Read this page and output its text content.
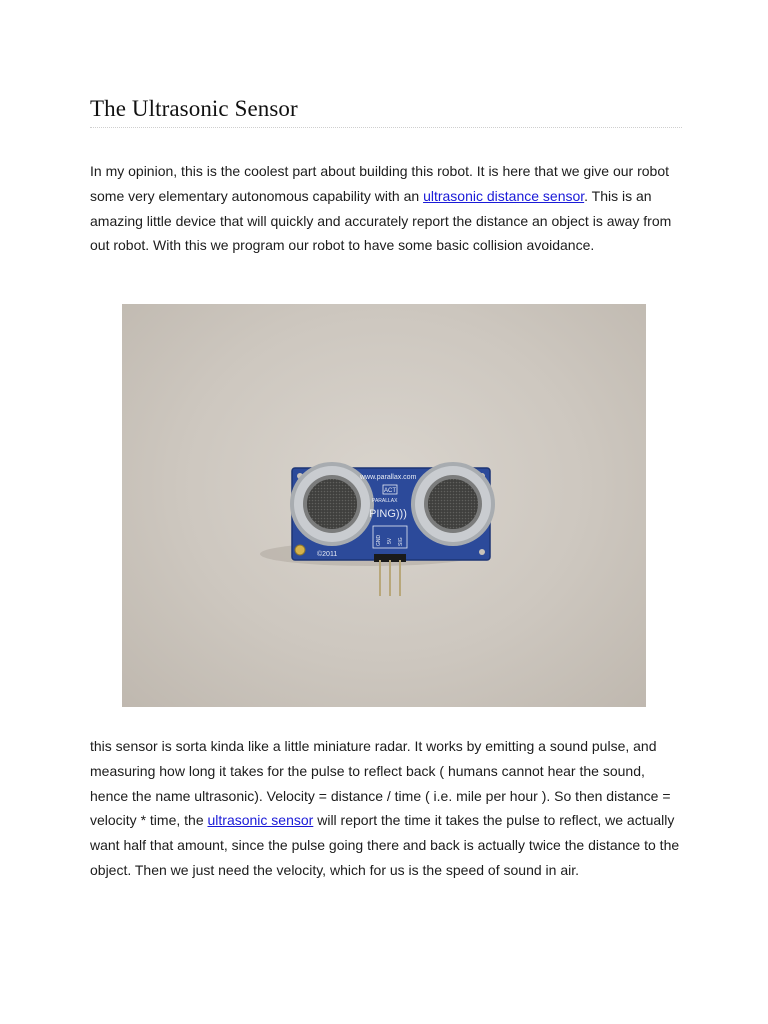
The Ultrasonic Sensor

In my opinion, this is the coolest part about building this robot. It is here that we give our robot some very elementary autonomous capability with an ultrasonic distance sensor. This is an amazing little device that will quickly and accurately report the distance an object is away from out robot. With this we program our robot to have some basic collision avoidance.

www.parallax.com
ACT
PARALLAX
PING)))
GND 5V SIG
©2011

this sensor is sorta kinda like a little miniature radar. It works by emitting a sound pulse, and measuring how long it takes for the pulse to reflect back ( humans cannot hear the sound, hence the name ultrasonic). Velocity = distance / time ( i.e. mile per hour ). So then distance = velocity * time, the ultrasonic sensor will report the time it takes the pulse to reflect, we actually want half that amount, since the pulse going there and back is actually twice the distance to the object. Then we just need the velocity, which for us is the speed of sound in air.
